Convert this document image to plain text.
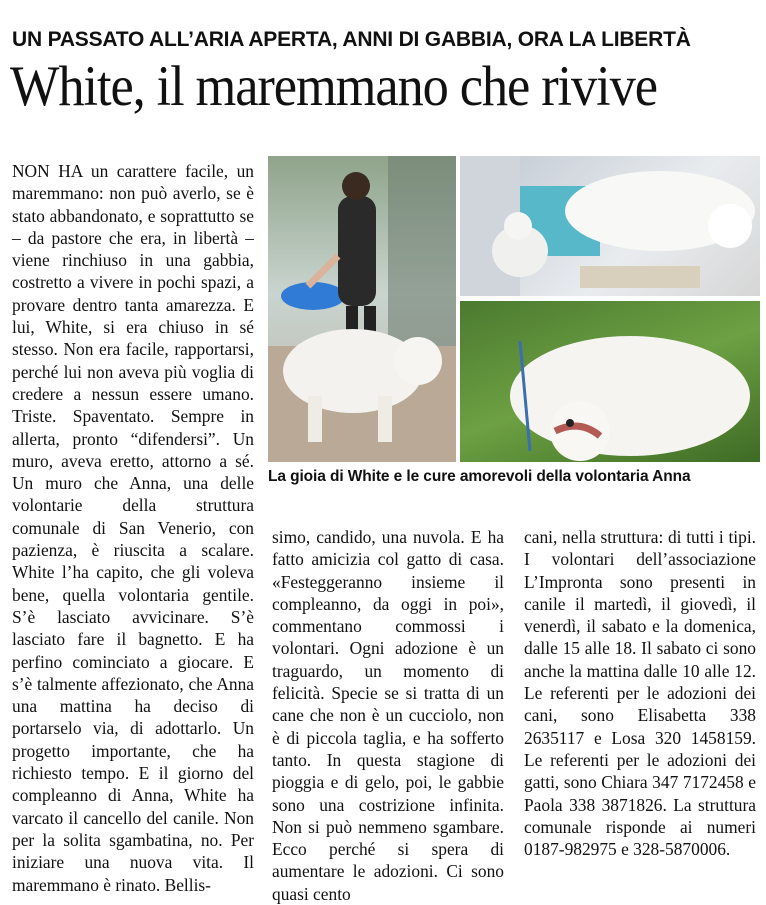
UN PASSATO ALL’ARIA APERTA, ANNI DI GABBIA, ORA LA LIBERTÀ
White, il maremmano che rivive

NON HA un carattere facile, un maremmano: non può averlo, se è stato abbandonato, e soprattutto se – da pastore che era, in libertà – viene rinchiuso in una gabbia, costretto a vivere in pochi spazi, a provare dentro tanta amarezza. E lui, White, si era chiuso in sé stesso. Non era facile, rapportarsi, perché lui non aveva più voglia di credere a nessun essere umano. Triste. Spaventato. Sempre in allerta, pronto “difendersi”. Un muro, aveva eretto, attorno a sé. Un muro che Anna, una delle volontarie della struttura comunale di San Venerio, con pazienza, è riuscita a scalare. White l’ha capito, che gli voleva bene, quella volontaria gentile. S’è lasciato avvicinare. S’è lasciato fare il bagnetto. E ha perfino cominciato a giocare. E s’è talmente affezionato, che Anna una mattina ha deciso di portarselo via, di adottarlo. Un progetto importante, che ha richiesto tempo. E il giorno del compleanno di Anna, White ha varcato il cancello del canile. Non per la solita sgambatina, no. Per iniziare una nuova vita. Il maremmano è rinato. Bellis-

La gioia di White e le cure amorevoli della volontaria Anna

simo, candido, una nuvola. E ha fatto amicizia col gatto di casa. «Festeggeranno insieme il compleanno, da oggi in poi», commentano commossi i volontari. Ogni adozione è un traguardo, un momento di felicità. Specie se si tratta di un cane che non è un cucciolo, non è di piccola taglia, e ha sofferto tanto. In questa stagione di pioggia e di gelo, poi, le gabbie sono una costrizione infinita. Non si può nemmeno sgambare. Ecco perché si spera di aumentare le adozioni. Ci sono quasi cento

cani, nella struttura: di tutti i tipi. I volontari dell’associazione L’Impronta sono presenti in canile il martedì, il giovedì, il venerdì, il sabato e la domenica, dalle 15 alle 18. Il sabato ci sono anche la mattina dalle 10 alle 12. Le referenti per le adozioni dei cani, sono Elisabetta 338 2635117 e Losa 320 1458159. Le referenti per le adozioni dei gatti, sono Chiara 347 7172458 e Paola 338 3871826. La struttura comunale risponde ai numeri 0187-982975 e 328-5870006.
